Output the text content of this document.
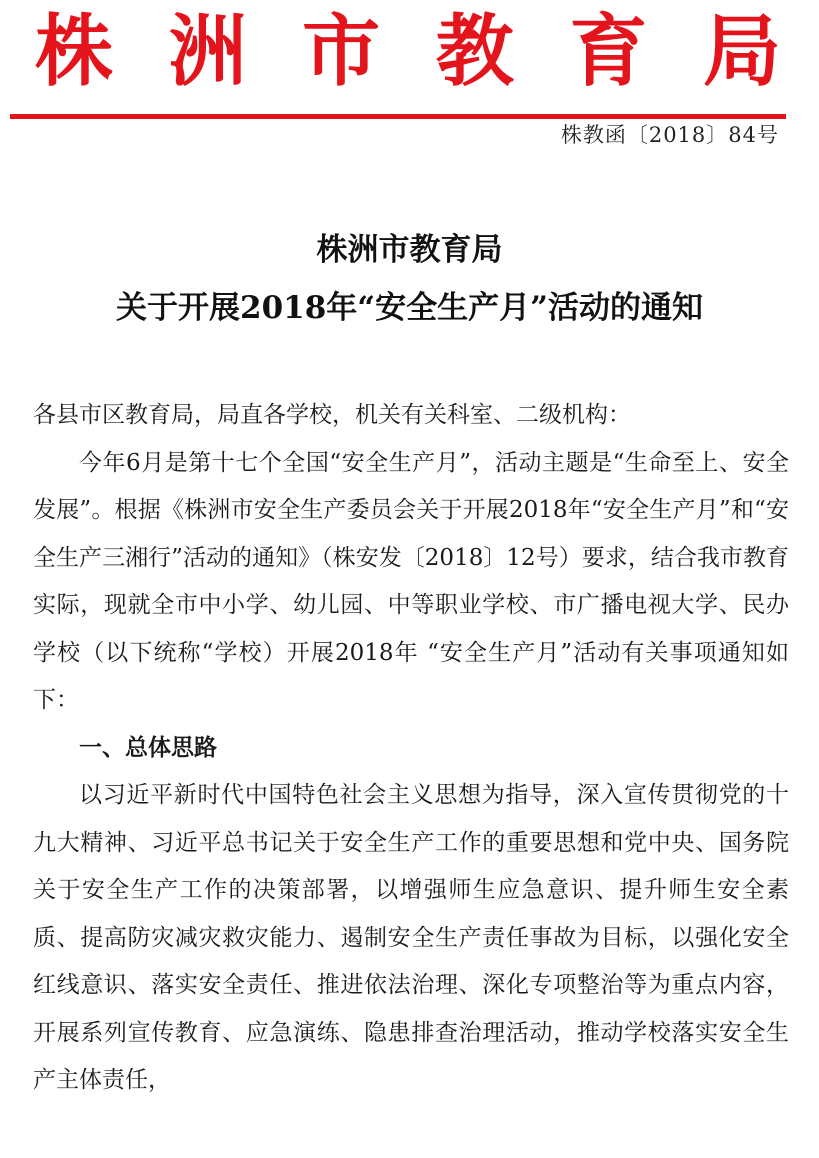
株 洲 市 教 育 局
株教函〔2018〕84号
株洲市教育局
关于开展2018年“安全生产月”活动的通知

各县市区教育局，局直各学校，机关有关科室、二级机构：

今年6月是第十七个全国“安全生产月”，活动主题是“生命至上、安全发展”。根据《株洲市安全生产委员会关于开展2018年“安全生产月”和“安全生产三湘行”活动的通知》（株安发〔2018〕12号）要求，结合我市教育实际，现就全市中小学、幼儿园、中等职业学校、市广播电视大学、民办学校（以下统称“学校）开展2018年 “安全生产月”活动有关事项通知如下：

一、总体思路

以习近平新时代中国特色社会主义思想为指导，深入宣传贯彻党的十九大精神、习近平总书记关于安全生产工作的重要思想和党中央、国务院关于安全生产工作的决策部署，以增强师生应急意识、提升师生安全素质、提高防灾减灾救灾能力、遏制安全生产责任事故为目标，以强化安全红线意识、落实安全责任、推进依法治理、深化专项整治等为重点内容，开展系列宣传教育、应急演练、隐患排查治理活动，推动学校落实安全生产主体责任，
